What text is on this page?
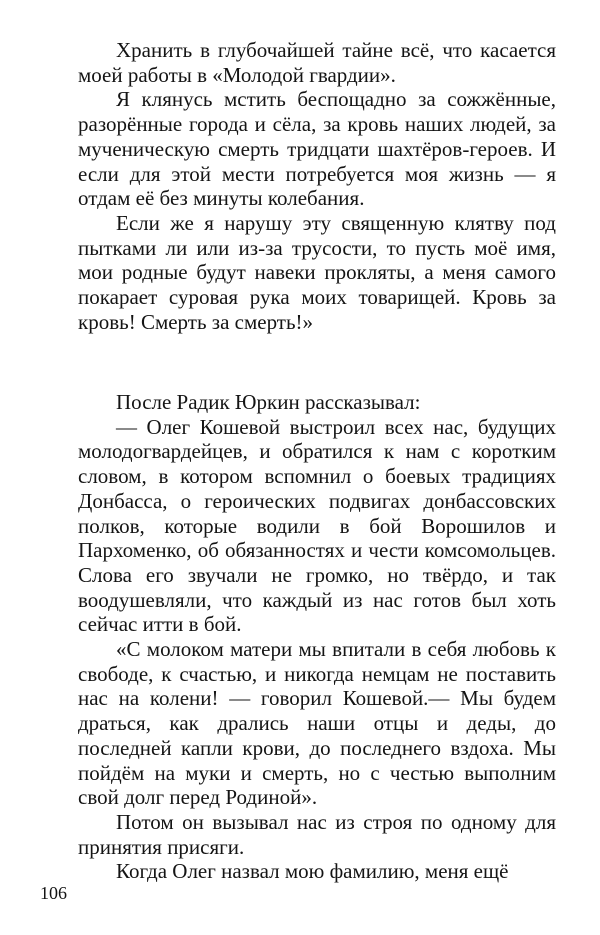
Хранить в глубочайшей тайне всё, что касается моей работы в «Молодой гвардии».

Я клянусь мстить беспощадно за сожжённые, разорённые города и сёла, за кровь наших людей, за мученическую смерть тридцати шахтёров-героев. И если для этой мести потребуется моя жизнь — я отдам её без минуты колебания.

Если же я нарушу эту священную клятву под пытками ли или из-за трусости, то пусть моё имя, мои родные будут навеки прокляты, а меня самого покарает суровая рука моих товарищей. Кровь за кровь! Смерть за смерть!»

После Радик Юркин рассказывал:

— Олег Кошевой выстроил всех нас, будущих молодогвардейцев, и обратился к нам с коротким словом, в котором вспомнил о боевых традициях Донбасса, о героических подвигах донбассовских полков, которые водили в бой Ворошилов и Пархоменко, об обязанностях и чести комсомольцев. Слова его звучали не громко, но твёрдо, и так воодушевляли, что каждый из нас готов был хоть сейчас итти в бой.

«С молоком матери мы впитали в себя любовь к свободе, к счастью, и никогда немцам не поставить нас на колени! — говорил Кошевой.— Мы будем драться, как дрались наши отцы и деды, до последней капли крови, до последнего вздоха. Мы пойдём на муки и смерть, но с честью выполним свой долг перед Родиной».

Потом он вызывал нас из строя по одному для принятия присяги.

Когда Олег назвал мою фамилию, меня ещё

106
